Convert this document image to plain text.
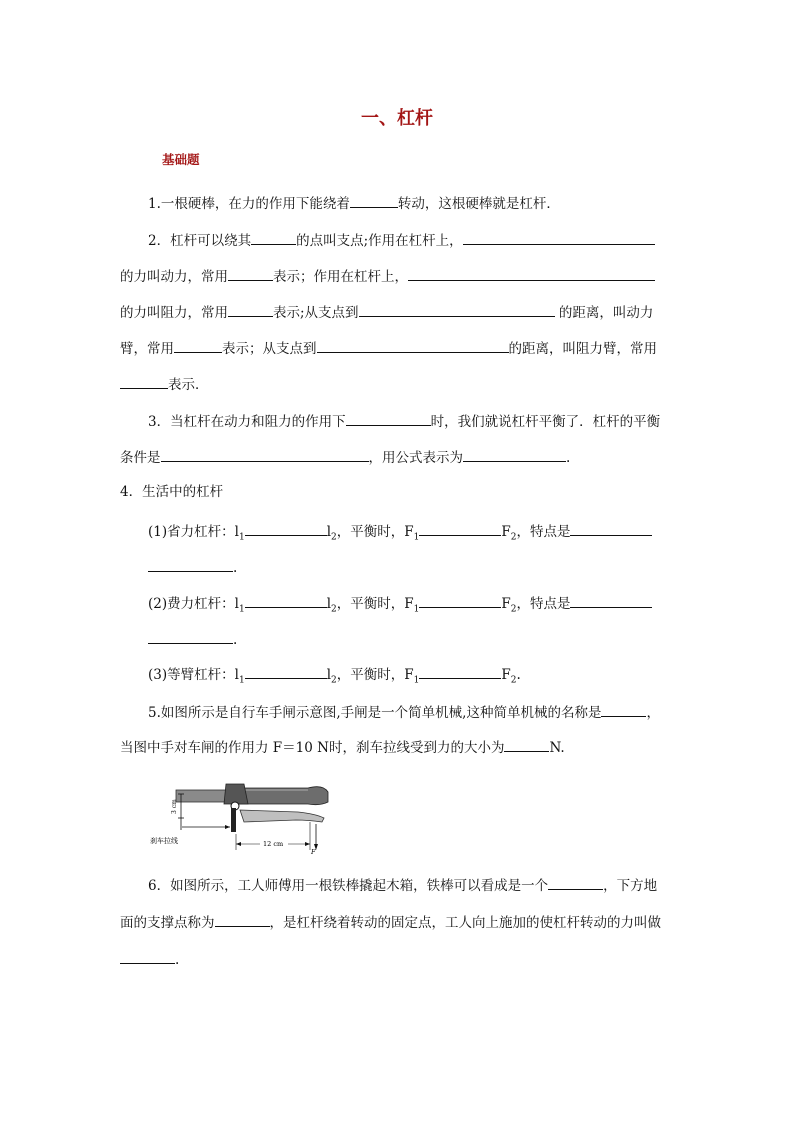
一、杠杆
基础题
1.一根硬棒，在力的作用下能绕着	转动，这根硬棒就是杠杆．
2．杠杆可以绕其	的点叫支点;作用在杠杆上，
的力叫动力，常用	表示；作用在杠杆上，
的力叫阻力，常用	表示;从支点到	的距离，叫动力
臂，常用	表示；从支点到	的距离，叫阻力臂，常用
表示．
3．当杠杆在动力和阻力的作用下	时，我们就说杠杆平衡了．杠杆的平衡
条件是	，用公式表示为	.
4．生活中的杠杆
(1)省力杠杆：$l_1$	$l_2$，平衡时，$F_1$	$F_2$，特点是
.
(2)费力杠杆：$l_1$	$l_2$，平衡时，$F_1$	$F_2$，特点是
.
(3)等臂杠杆：$l_1$	$l_2$，平衡时，$F_1$	$F_2$.
5.如图所示是自行车手闸示意图,手闸是一个简单机械,这种简单机械的名称是	，
当图中手对车闸的作用力 F＝10 N时，刹车拉线受到力的大小为	N.
3 cm
刹车拉线	12 cm
F
6．如图所示，工人师傅用一根铁棒撬起木箱，铁棒可以看成是一个	，下方地
面的支撑点称为	，是杠杆绕着转动的固定点，工人向上施加的使杠杆转动的力叫做
.
